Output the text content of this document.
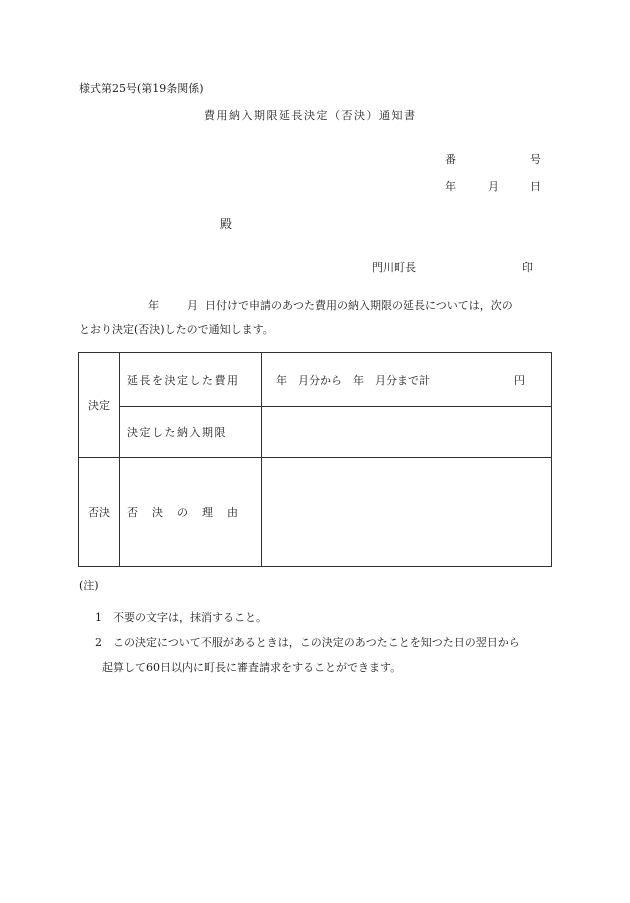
様式第25号(第19条関係)
費用納入期限延長決定（否決）通知書
番	号
年	月	日
殿
門川町長	印
年	月 日付けで申請のあつた費用の納入期限の延長については，次の
とおり決定(否決)したので通知します。
決定	延長を決定した費用	年　月分から　年　月分まで計 円

	決定した納入期限	
否決	否　決　の　理　由	
(注)
1　不要の文字は，抹消すること。
2　この決定について不服があるときは，この決定のあつたことを知つた日の翌日から
起算して60日以内に町長に審査請求をすることができます。
